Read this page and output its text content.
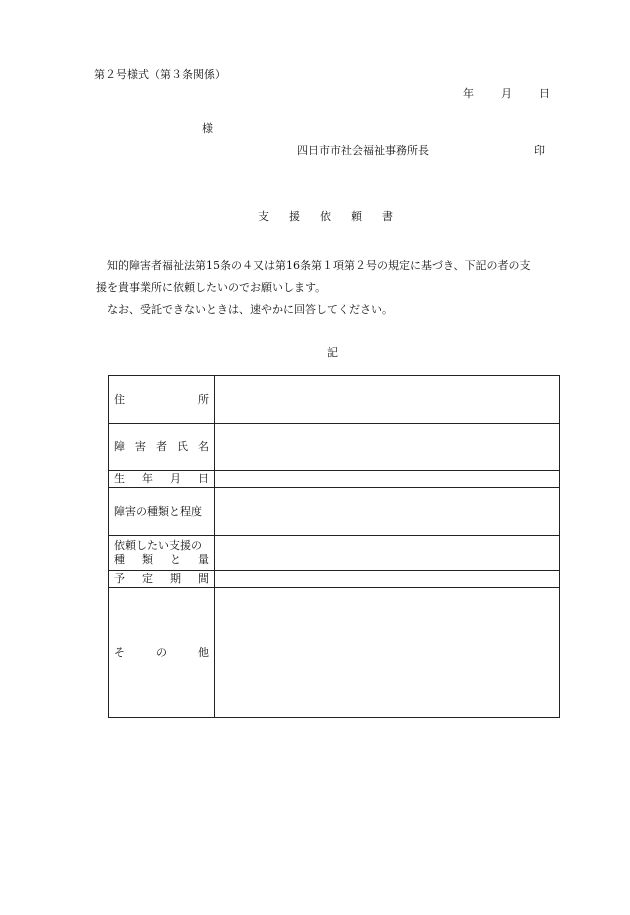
第２号様式（第３条関係）
年 月 日
様
四日市市社会福祉事務所長	印
支 援 依 頼 書

知的障害者福祉法第15条の４又は第16条第１項第２号の規定に基づき、下記の者の支

援を貴事業所に依頼したいのでお願いします。

なお、受託できないときは、速やかに回答してください。

記
住 所	

障 害 者 氏 名	

生 年 月 日	

障害の種類と程度	

依頼したい支援の
種 類 と 量	

予 定 期 間	

そ の 他	
